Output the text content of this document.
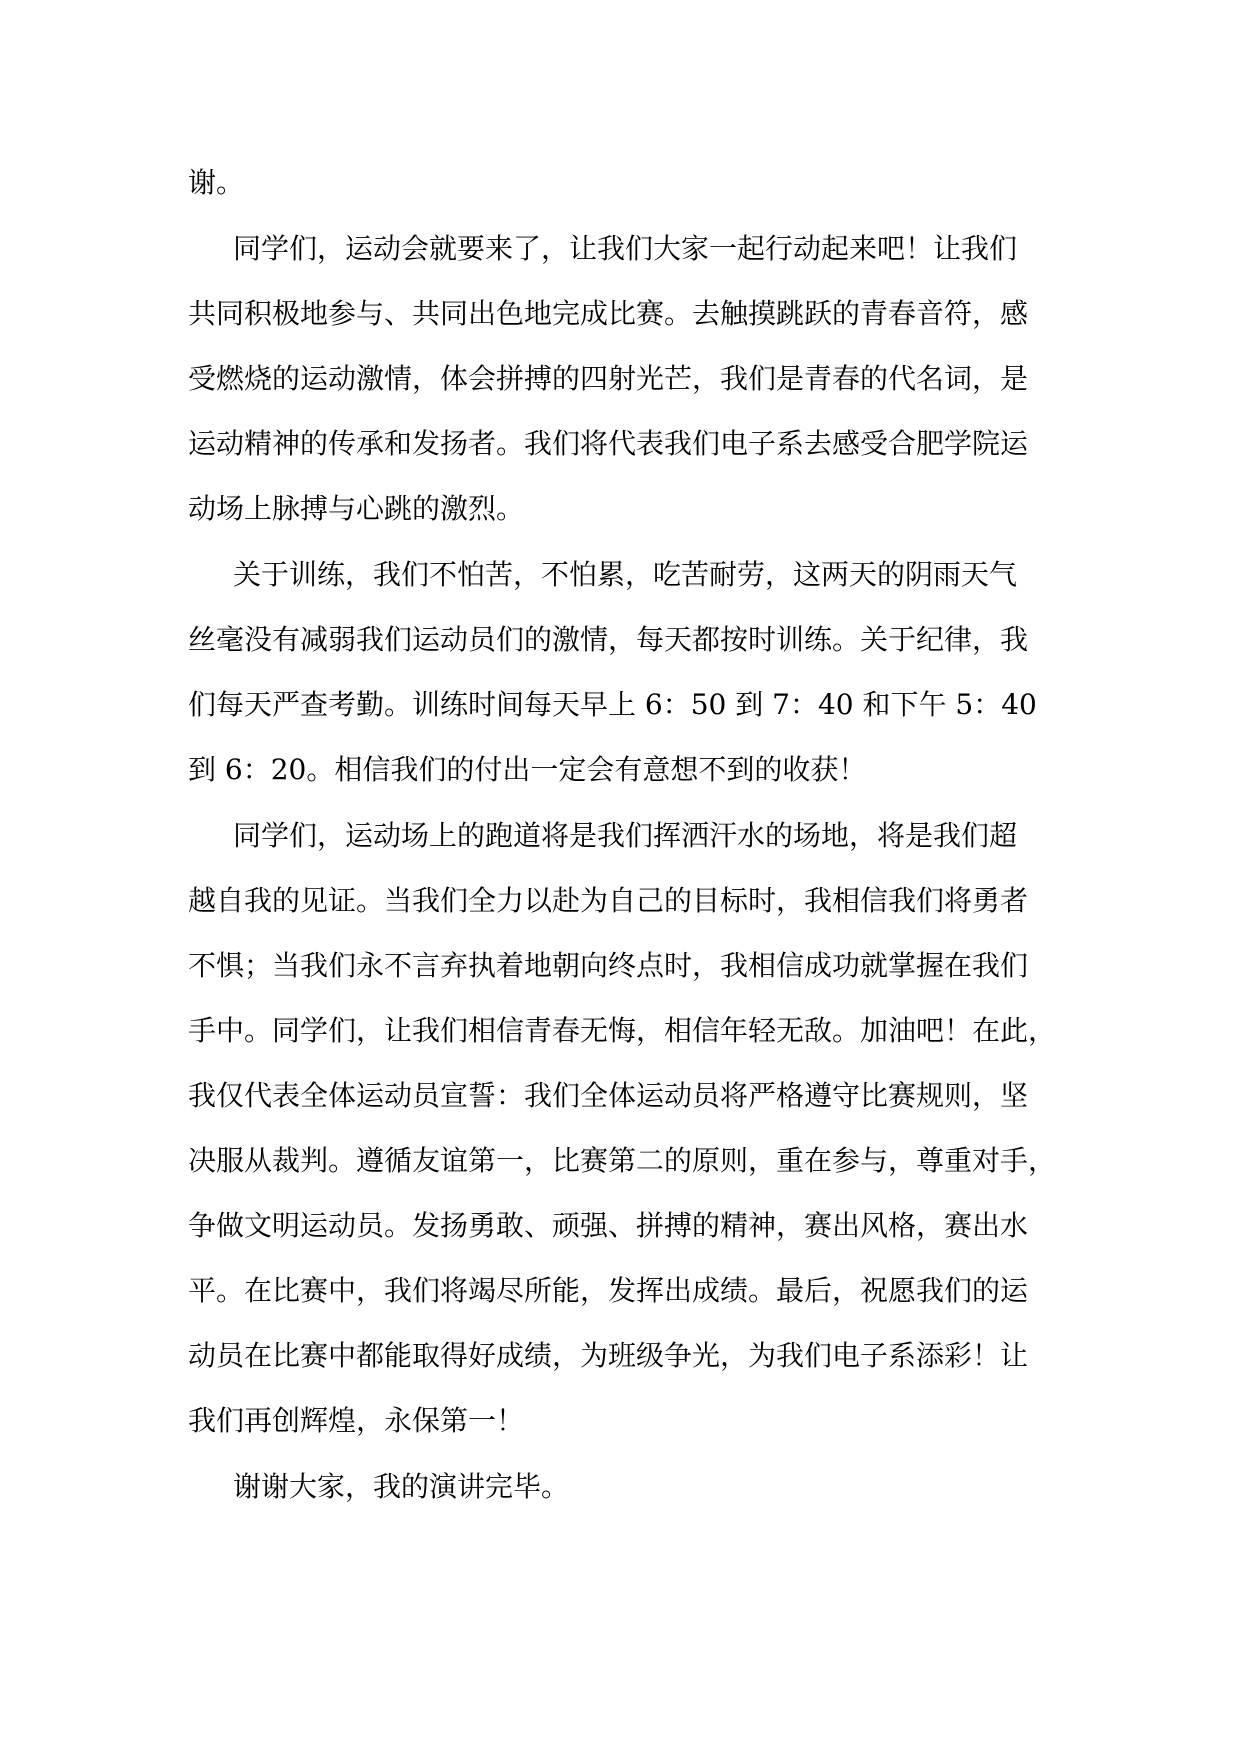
谢。
同学们，运动会就要来了，让我们大家一起行动起来吧！让我们
共同积极地参与、共同出色地完成比赛。去触摸跳跃的青春音符，感
受燃烧的运动激情，体会拼搏的四射光芒，我们是青春的代名词，是
运动精神的传承和发扬者。我们将代表我们电子系去感受合肥学院运
动场上脉搏与心跳的激烈。
关于训练，我们不怕苦，不怕累，吃苦耐劳，这两天的阴雨天气
丝毫没有减弱我们运动员们的激情，每天都按时训练。关于纪律，我
们每天严查考勤。训练时间每天早上 6：50 到 7：40 和下午 5：40
到 6：20。相信我们的付出一定会有意想不到的收获！
同学们，运动场上的跑道将是我们挥洒汗水的场地，将是我们超
越自我的见证。当我们全力以赴为自己的目标时，我相信我们将勇者
不惧；当我们永不言弃执着地朝向终点时，我相信成功就掌握在我们
手中。同学们，让我们相信青春无悔，相信年轻无敌。加油吧！在此，
我仅代表全体运动员宣誓：我们全体运动员将严格遵守比赛规则，坚
决服从裁判。遵循友谊第一，比赛第二的原则，重在参与，尊重对手，
争做文明运动员。发扬勇敢、顽强、拼搏的精神，赛出风格，赛出水
平。在比赛中，我们将竭尽所能，发挥出成绩。最后，祝愿我们的运
动员在比赛中都能取得好成绩，为班级争光，为我们电子系添彩！让
我们再创辉煌，永保第一！
谢谢大家，我的演讲完毕。
